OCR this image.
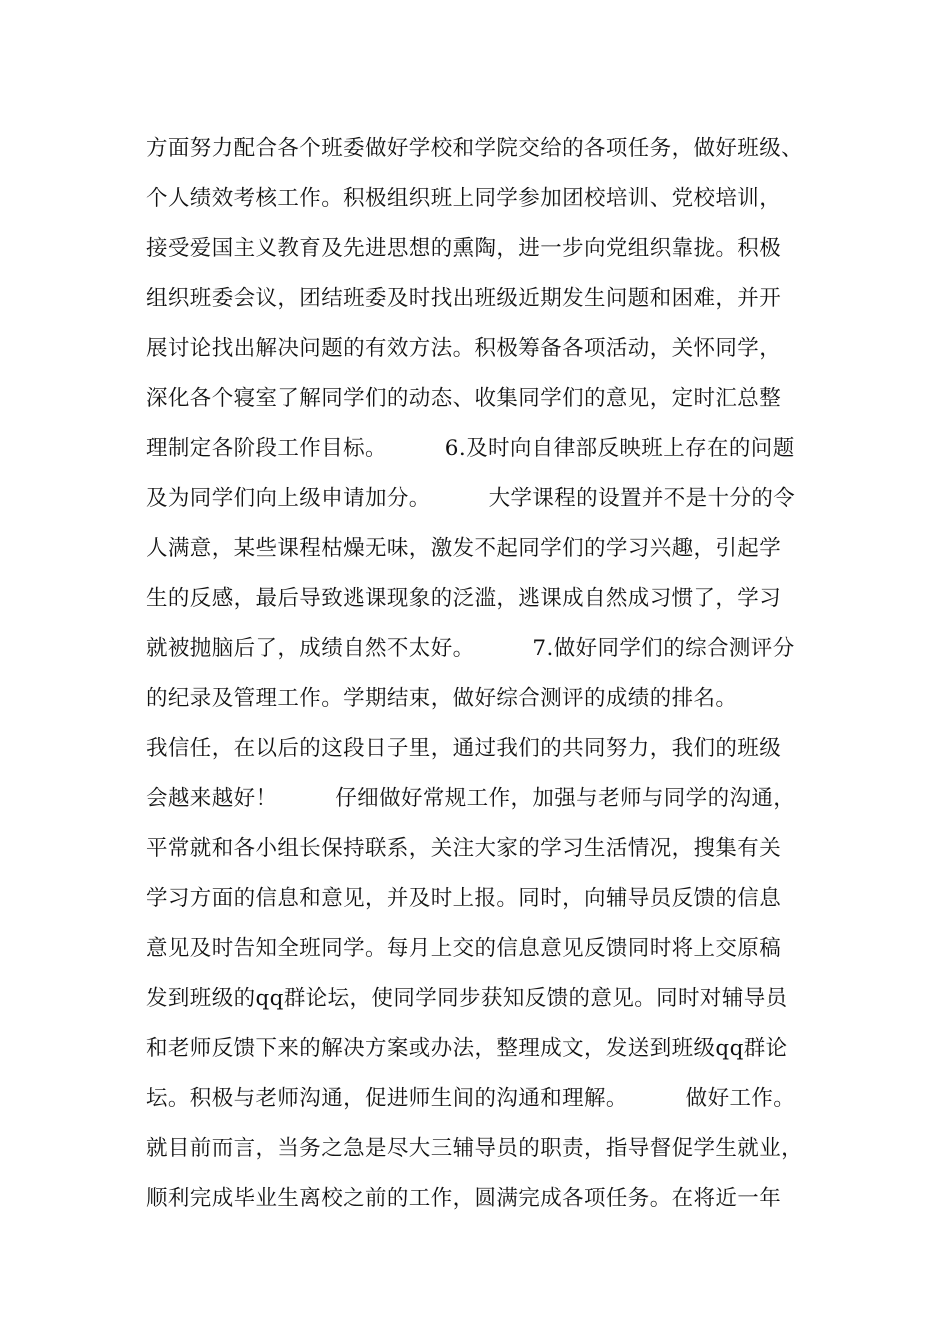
方面努力配合各个班委做好学校和学院交给的各项任务，做好班级、
个人绩效考核工作。积极组织班上同学参加团校培训、党校培训，
接受爱国主义教育及先进思想的熏陶，进一步向党组织靠拢。积极
组织班委会议，团结班委及时找出班级近期发生问题和困难，并开
展讨论找出解决问题的有效方法。积极筹备各项活动，关怀同学，
深化各个寝室了解同学们的动态、收集同学们的意见，定时汇总整
理制定各阶段工作目标。        6.及时向自律部反映班上存在的问题
及为同学们向上级申请加分。        大学课程的设置并不是十分的令
人满意，某些课程枯燥无味，激发不起同学们的学习兴趣，引起学
生的反感，最后导致逃课现象的泛滥，逃课成自然成习惯了，学习
就被抛脑后了，成绩自然不太好。        7.做好同学们的综合测评分
的纪录及管理工作。学期结束，做好综合测评的成绩的排名。
我信任，在以后的这段日子里，通过我们的共同努力，我们的班级
会越来越好！        仔细做好常规工作，加强与老师与同学的沟通，
平常就和各小组长保持联系，关注大家的学习生活情况，搜集有关
学习方面的信息和意见，并及时上报。同时，向辅导员反馈的信息
意见及时告知全班同学。每月上交的信息意见反馈同时将上交原稿
发到班级的qq群论坛，使同学同步获知反馈的意见。同时对辅导员
和老师反馈下来的解决方案或办法，整理成文，发送到班级qq群论
坛。积极与老师沟通，促进师生间的沟通和理解。        做好工作。
就目前而言，当务之急是尽大三辅导员的职责，指导督促学生就业，
顺利完成毕业生离校之前的工作，圆满完成各项任务。在将近一年
